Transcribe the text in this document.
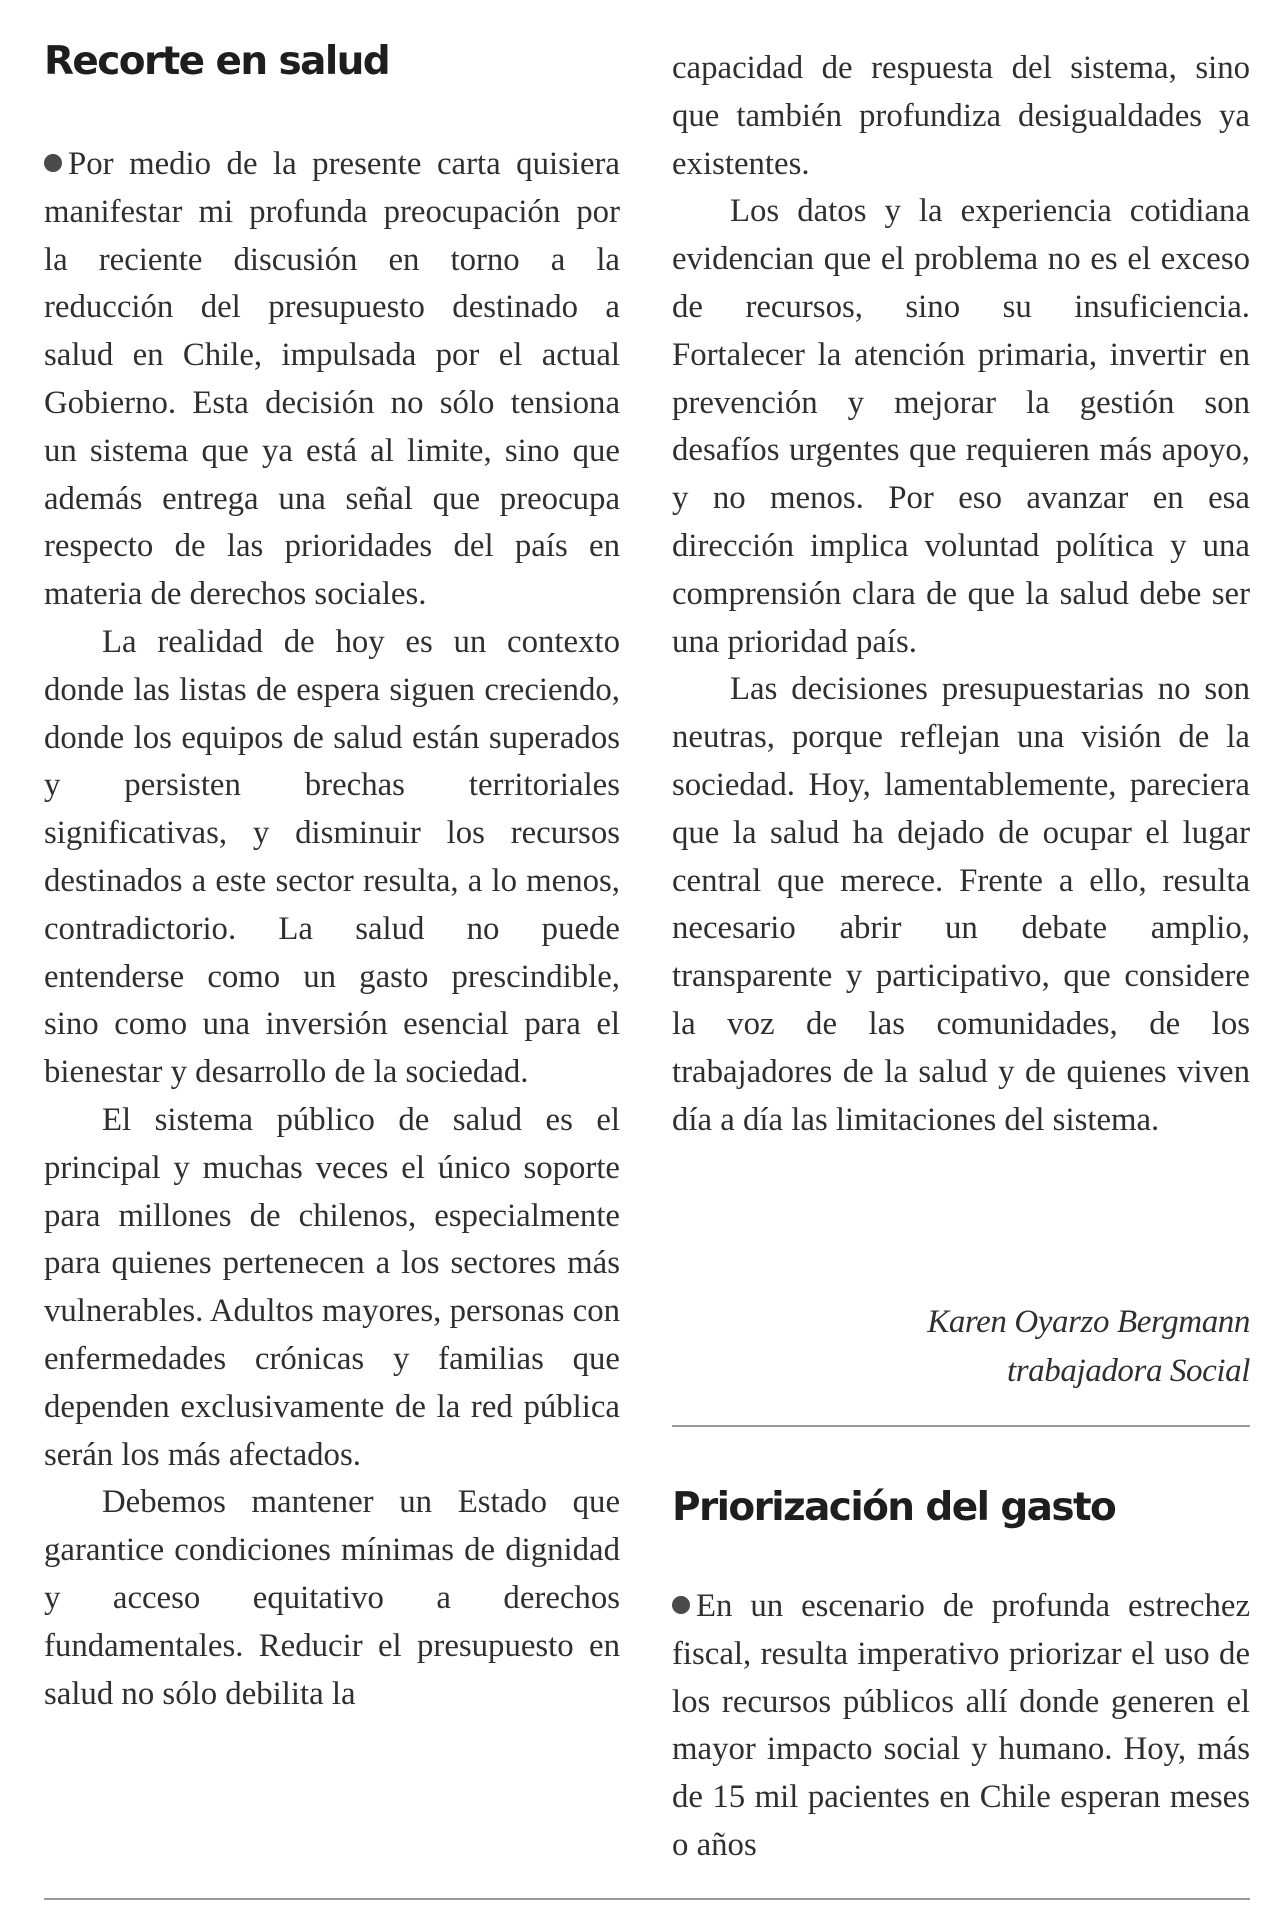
Recorte en salud

Por medio de la presente carta quisiera manifestar mi profunda preocupación por la reciente discusión en torno a la reducción del presupuesto destinado a salud en Chile, impulsada por el actual Gobierno. Esta decisión no sólo tensiona un sistema que ya está al limite, sino que además entrega una señal que preocupa respecto de las prioridades del país en materia de derechos sociales.

La realidad de hoy es un contexto donde las listas de espera siguen creciendo, donde los equipos de salud están superados y persisten brechas territoriales significativas, y disminuir los recursos destinados a este sector resulta, a lo menos, contradictorio. La salud no puede entenderse como un gasto prescindible, sino como una inversión esencial para el bienestar y desarrollo de la sociedad.

El sistema público de salud es el principal y muchas veces el único soporte para millones de chilenos, especialmente para quienes pertenecen a los sectores más vulnerables. Adultos mayores, personas con enfermedades crónicas y familias que dependen exclusivamente de la red pública serán los más afectados.

Debemos mantener un Estado que garantice condiciones mínimas de dignidad y acceso equitativo a derechos fundamentales. Reducir el presupuesto en salud no sólo debilita la

capacidad de respuesta del sistema, sino que también profundiza desigualdades ya existentes.

Los datos y la experiencia cotidiana evidencian que el problema no es el exceso de recursos, sino su insuficiencia. Fortalecer la atención primaria, invertir en prevención y mejorar la gestión son desafíos urgentes que requieren más apoyo, y no menos. Por eso avanzar en esa dirección implica voluntad política y una comprensión clara de que la salud debe ser una prioridad país.

Las decisiones presupuestarias no son neutras, porque reflejan una visión de la sociedad. Hoy, lamentablemente, pareciera que la salud ha dejado de ocupar el lugar central que merece. Frente a ello, resulta necesario abrir un debate amplio, transparente y participativo, que considere la voz de las comunidades, de los trabajadores de la salud y de quienes viven día a día las limitaciones del sistema.

Karen Oyarzo Bergmann
trabajadora Social
Priorización del gasto

En un escenario de profunda estrechez fiscal, resulta imperativo priorizar el uso de los recursos públicos allí donde generen el mayor impacto social y humano. Hoy, más de 15 mil pacientes en Chile esperan meses o años
